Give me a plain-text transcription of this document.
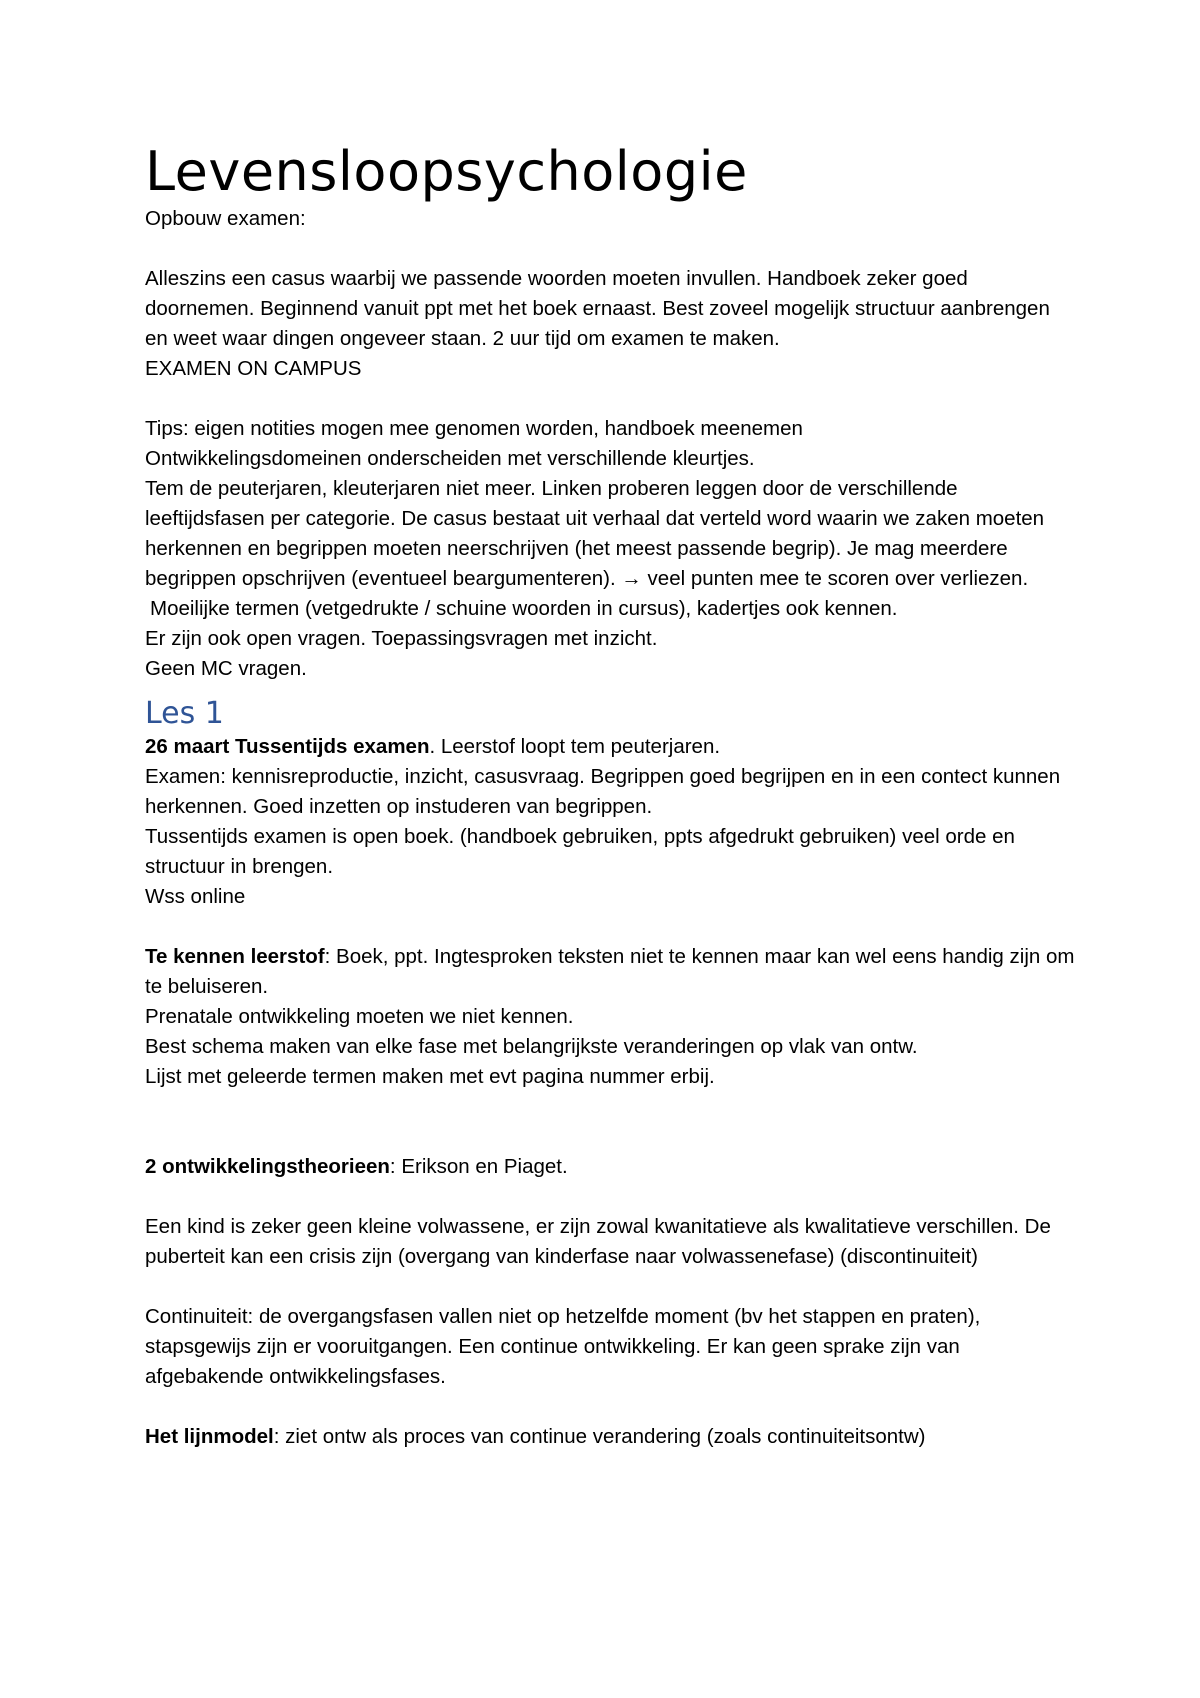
Levensloopsychologie

Opbouw examen:

Alleszins een casus waarbij we passende woorden moeten invullen. Handboek zeker goed doornemen. Beginnend vanuit ppt met het boek ernaast. Best zoveel mogelijk structuur aanbrengen en weet waar dingen ongeveer staan. 2 uur tijd om examen te maken.

EXAMEN ON CAMPUS

Tips: eigen notities mogen mee genomen worden, handboek meenemen

Ontwikkelingsdomeinen onderscheiden met verschillende kleurtjes.

Tem de peuterjaren, kleuterjaren niet meer. Linken proberen leggen door de verschillende leeftijdsfasen per categorie. De casus bestaat uit verhaal dat verteld word waarin we zaken moeten herkennen en begrippen moeten neerschrijven (het meest passende begrip). Je mag meerdere begrippen opschrijven (eventueel beargumenteren). → veel punten mee te scoren over verliezen.

Moeilijke termen (vetgedrukte / schuine woorden in cursus), kadertjes ook kennen.

Er zijn ook open vragen. Toepassingsvragen met inzicht.

Geen MC vragen.

Les 1

26 maart Tussentijds examen. Leerstof loopt tem peuterjaren.

Examen: kennisreproductie, inzicht, casusvraag. Begrippen goed begrijpen en in een contect kunnen herkennen. Goed inzetten op instuderen van begrippen.

Tussentijds examen is open boek. (handboek gebruiken, ppts afgedrukt gebruiken) veel orde en structuur in brengen.

Wss online

Te kennen leerstof: Boek, ppt. Ingtesproken teksten niet te kennen maar kan wel eens handig zijn om te beluiseren.

Prenatale ontwikkeling moeten we niet kennen.

Best schema maken van elke fase met belangrijkste veranderingen op vlak van ontw.

Lijst met geleerde termen maken met evt pagina nummer erbij.

2 ontwikkelingstheorieen: Erikson en Piaget.

Een kind is zeker geen kleine volwassene, er zijn zowal kwanitatieve als kwalitatieve verschillen. De puberteit kan een crisis zijn (overgang van kinderfase naar volwassenefase) (discontinuiteit)

Continuiteit: de overgangsfasen vallen niet op hetzelfde moment (bv het stappen en praten), stapsgewijs zijn er vooruitgangen. Een continue ontwikkeling. Er kan geen sprake zijn van afgebakende ontwikkelingsfases.

Het lijnmodel: ziet ontw als proces van continue verandering (zoals continuiteitsontw)
